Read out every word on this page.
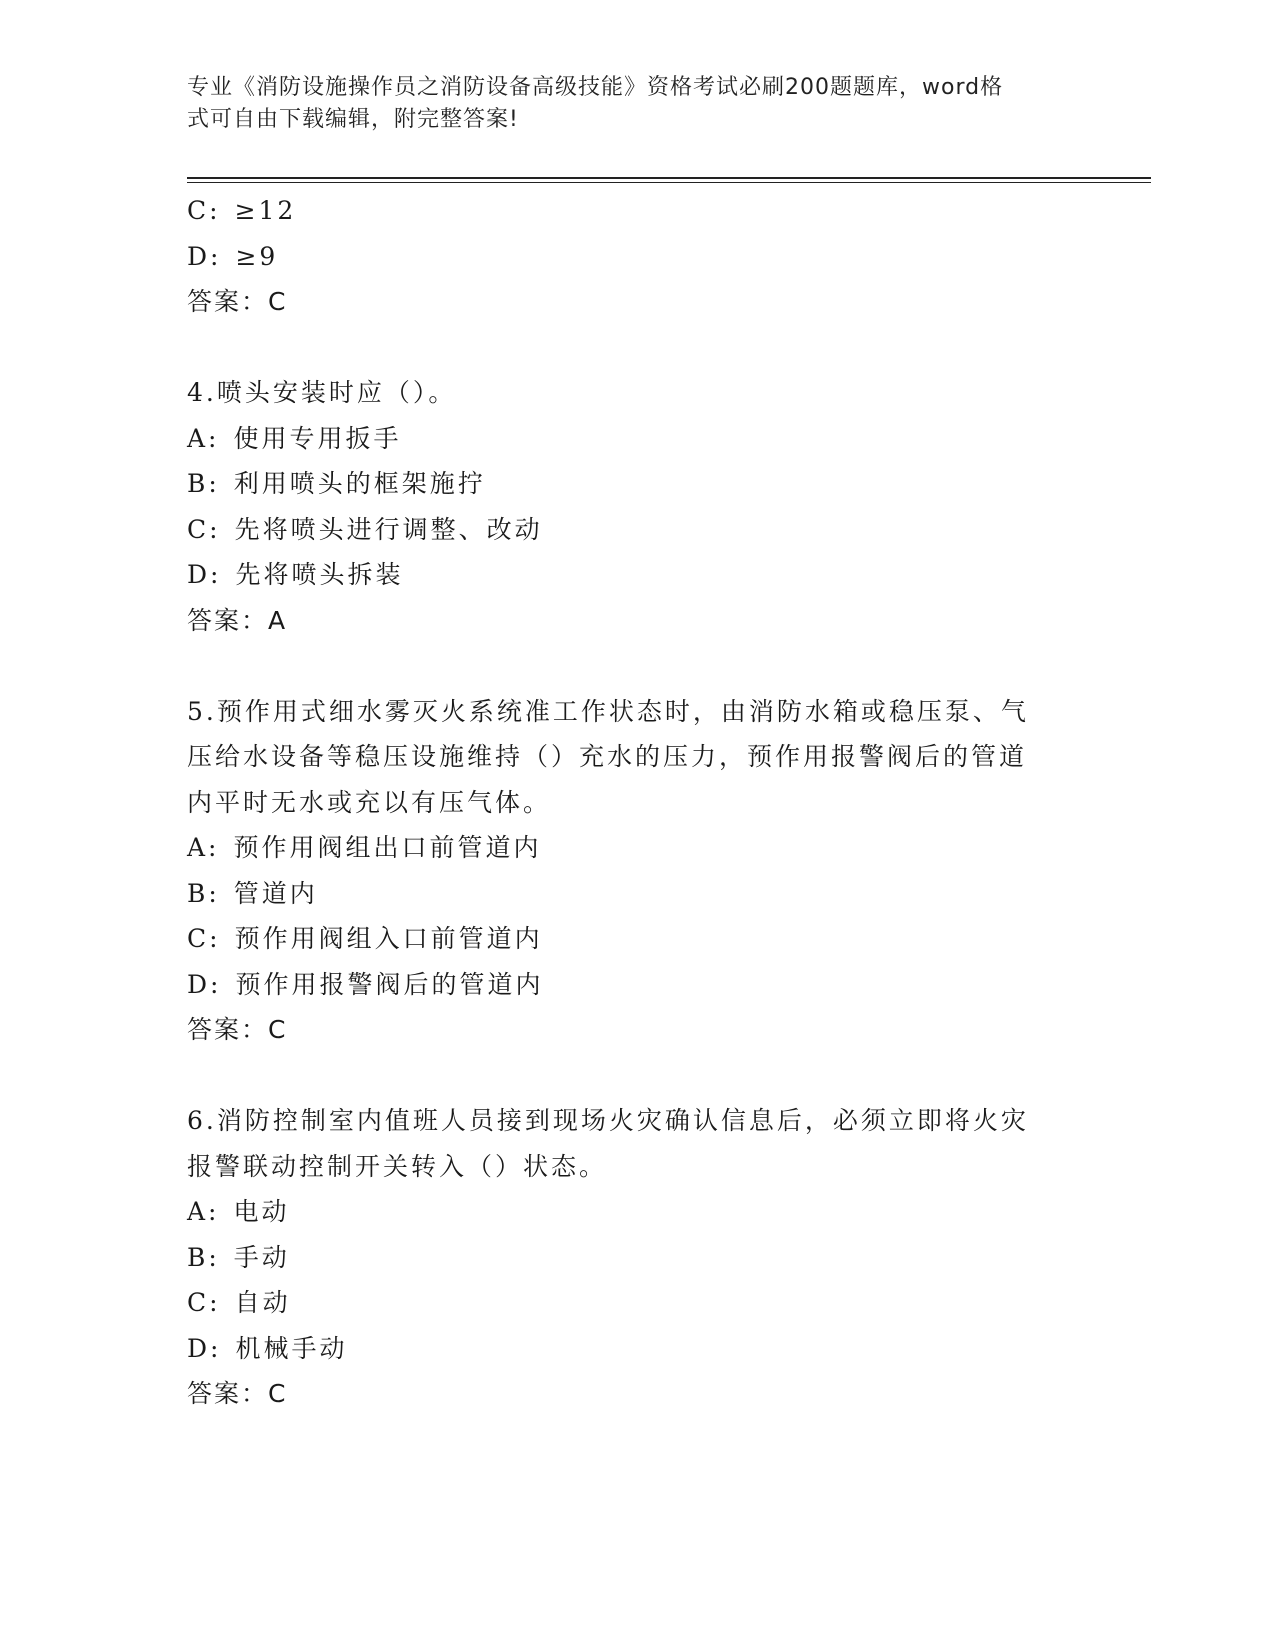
专业《消防设施操作员之消防设备高级技能》资格考试必刷200题题库，word格
式可自由下载编辑，附完整答案!
C: ≥12
D: ≥9
答案：C
4.喷头安装时应（）。
A: 使用专用扳手
B: 利用喷头的框架施拧
C: 先将喷头进行调整、改动
D: 先将喷头拆装
答案：A
5.预作用式细水雾灭火系统准工作状态时，由消防水箱或稳压泵、气
压给水设备等稳压设施维持（）充水的压力，预作用报警阀后的管道
内平时无水或充以有压气体。
A: 预作用阀组出口前管道内
B: 管道内
C: 预作用阀组入口前管道内
D: 预作用报警阀后的管道内
答案：C
6.消防控制室内值班人员接到现场火灾确认信息后，必须立即将火灾
报警联动控制开关转入（）状态。
A: 电动
B: 手动
C: 自动
D: 机械手动
答案：C
